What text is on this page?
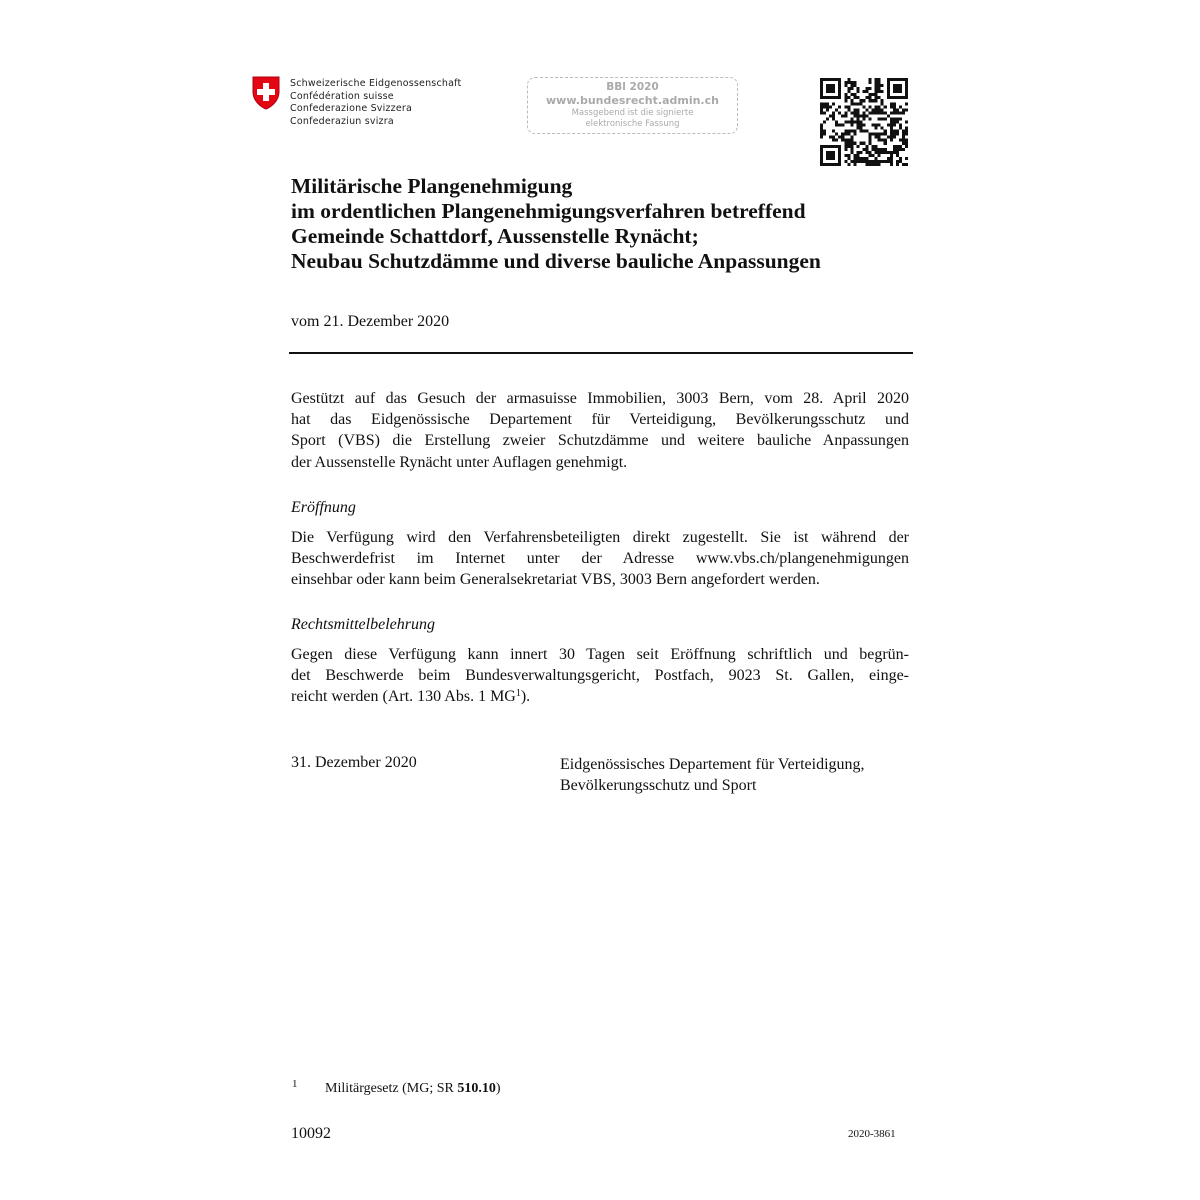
Schweizerische Eidgenossenschaft
Confédération suisse
Confederazione Svizzera
Confederaziun svizra
BBl 2020
www.bundesrecht.admin.ch
Massgebend ist die signierte
elektronische Fassung
Militärische Plangenehmigung
im ordentlichen Plangenehmigungsverfahren betreffend
Gemeinde Schattdorf, Aussenstelle Rynächt;
Neubau Schutzdämme und diverse bauliche Anpassungen
vom 21. Dezember 2020
Gestützt auf das Gesuch der armasuisse Immobilien, 3003 Bern, vom 28. April 2020
hat das Eidgenössische Departement für Verteidigung, Bevölkerungsschutz und
Sport (VBS) die Erstellung zweier Schutzdämme und weitere bauliche Anpassungen
der Aussenstelle Rynächt unter Auflagen genehmigt.
Eröffnung
Die Verfügung wird den Verfahrensbeteiligten direkt zugestellt. Sie ist während der
Beschwerdefrist im Internet unter der Adresse www.vbs.ch/plangenehmigungen
einsehbar oder kann beim Generalsekretariat VBS, 3003 Bern angefordert werden.
Rechtsmittelbelehrung
Gegen diese Verfügung kann innert 30 Tagen seit Eröffnung schriftlich und begrün-
det Beschwerde beim Bundesverwaltungsgericht, Postfach, 9023 St. Gallen, einge-
reicht werden (Art. 130 Abs. 1 $MG^1$).
31. Dezember 2020	Eidgenössisches Departement für Verteidigung,
Bevölkerungsschutz und Sport
1 Militärgesetz (MG; SR 510.10)
10092	2020-3861
